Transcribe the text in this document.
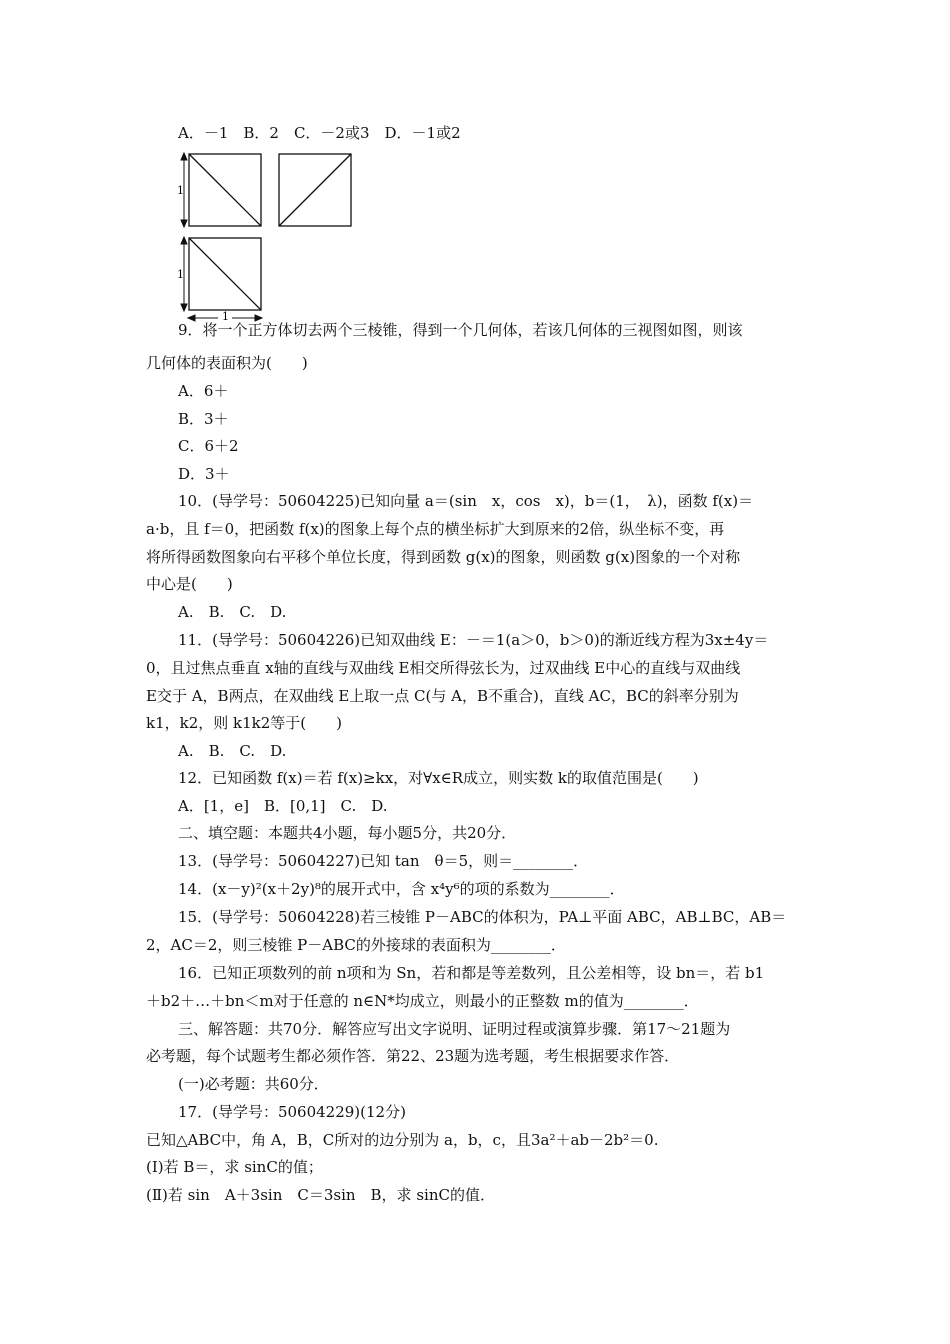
1
1
1
A．－1　B．2　C．－2或3　D．－1或2
9．将一个正方体切去两个三棱锥，得到一个几何体，若该几何体的三视图如图，则该
几何体的表面积为(　　)
A．6＋
B．3＋
C．6＋2
D．3＋
10．(导学号：50604225)已知向量 a＝(sin　x，cos　x)，b＝(1，　λ)，函数 f(x)＝
a·b，且 f＝0，把函数 f(x)的图象上每个点的横坐标扩大到原来的2倍，纵坐标不变，再
将所得函数图象向右平移个单位长度，得到函数 g(x)的图象，则函数 g(x)图象的一个对称
中心是(　　)
A.　B.　C.　D.
11．(导学号：50604226)已知双曲线 E：－＝1(a＞0，b＞0)的渐近线方程为3x±4y＝
0，且过焦点垂直 x轴的直线与双曲线 E相交所得弦长为，过双曲线 E中心的直线与双曲线
E交于 A，B两点，在双曲线 E上取一点 C(与 A，B不重合)，直线 AC，BC的斜率分别为
k1，k2，则 k1k2等于(　　)
A.　B.　C.　D.
12．已知函数 f(x)＝若 f(x)≥kx，对∀x∈R成立，则实数 k的取值范围是(　　)
A．[1，e]　B．[0,1]　C.　D.
二、填空题：本题共4小题，每小题5分，共20分．
13．(导学号：50604227)已知 tan　θ＝5，则＝________．
14．(x－y)²(x＋2y)⁸的展开式中，含 x⁴y⁶的项的系数为________．
15．(导学号：50604228)若三棱锥 P－ABC的体积为，PA⊥平面 ABC，AB⊥BC，AB＝
2，AC＝2，则三棱锥 P－ABC的外接球的表面积为________．
16．已知正项数列的前 n项和为 Sn，若和都是等差数列，且公差相等，设 bn＝，若 b1
＋b2＋…＋bn＜m对于任意的 n∈N*均成立，则最小的正整数 m的值为________．
三、解答题：共70分．解答应写出文字说明、证明过程或演算步骤．第17～21题为
必考题，每个试题考生都必须作答．第22、23题为选考题，考生根据要求作答．
(一)必考题：共60分．
17．(导学号：50604229)(12分)
已知△ABC中，角 A，B，C所对的边分别为 a，b，c，且3a²＋ab－2b²＝0.
(Ⅰ)若 B＝，求 sinC的值；
(Ⅱ)若 sin　A＋3sin　C＝3sin　B，求 sinC的值．
